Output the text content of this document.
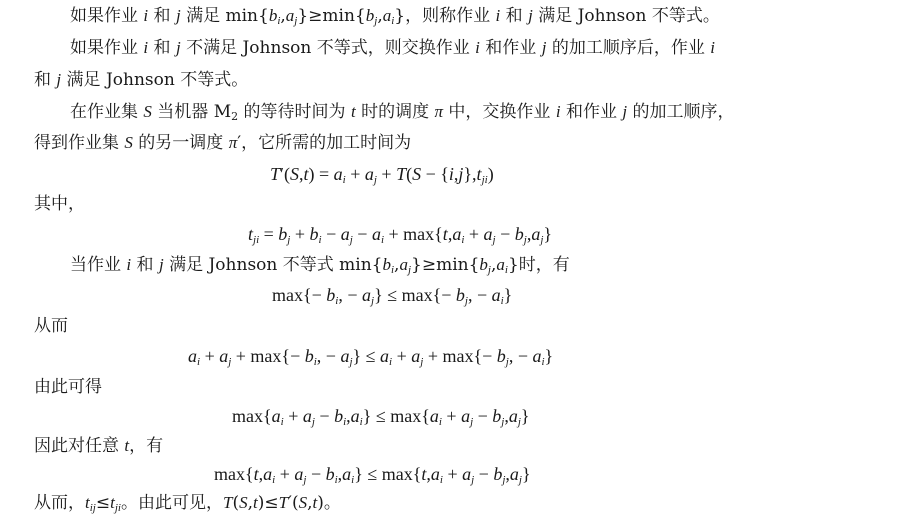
如果作业 i 和 j 满足 $\min\{b_i,a_j\}\ge\min\{b_j,a_i\}$，则称作业 i 和 j 满足 Johnson 不等式。
如果作业 i 和 j 不满足 Johnson 不等式，则交换作业 i 和作业 j 的加工顺序后，作业 i
和 j 满足 Johnson 不等式。
在作业集 S 当机器 $M_2$ 的等待时间为 t 时的调度 π 中，交换作业 i 和作业 j 的加工顺序，
得到作业集 S 的另一调度 π′，它所需的加工时间为
$T'(S,t) = a_i + a_j + T(S - \{i,j\},t_{ji})$
其中，
$t_{ji} = b_j + b_i - a_j - a_i + \max\{t,a_i + a_j - b_j,a_j\}$
当作业 i 和 j 满足 Johnson 不等式 $\min\{b_i,a_j\}\ge\min\{b_j,a_i\}$时，有
$\max\{- b_i$, − $a_j\} \le \max\{- b_j$, − $a_i$}
从而
$a_i + a_j + \max\{- b_i$, − $a_j\} \le a_i + a_j + \max\{- b_j$, − $a_i$}
由此可得
$\max\{a_i + a_j - b_i,a_i\} \le \max\{a_i + a_j - b_j,a_j\}$
因此对任意 t，有
$\max\{t,a_i + a_j - b_i,a_i\} \le \max\{t,a_i + a_j - b_j,a_j\}$
从而，$t_{ij}\le t_{ji}$。由此可见，T(S,t)≤T′(S,t)。
